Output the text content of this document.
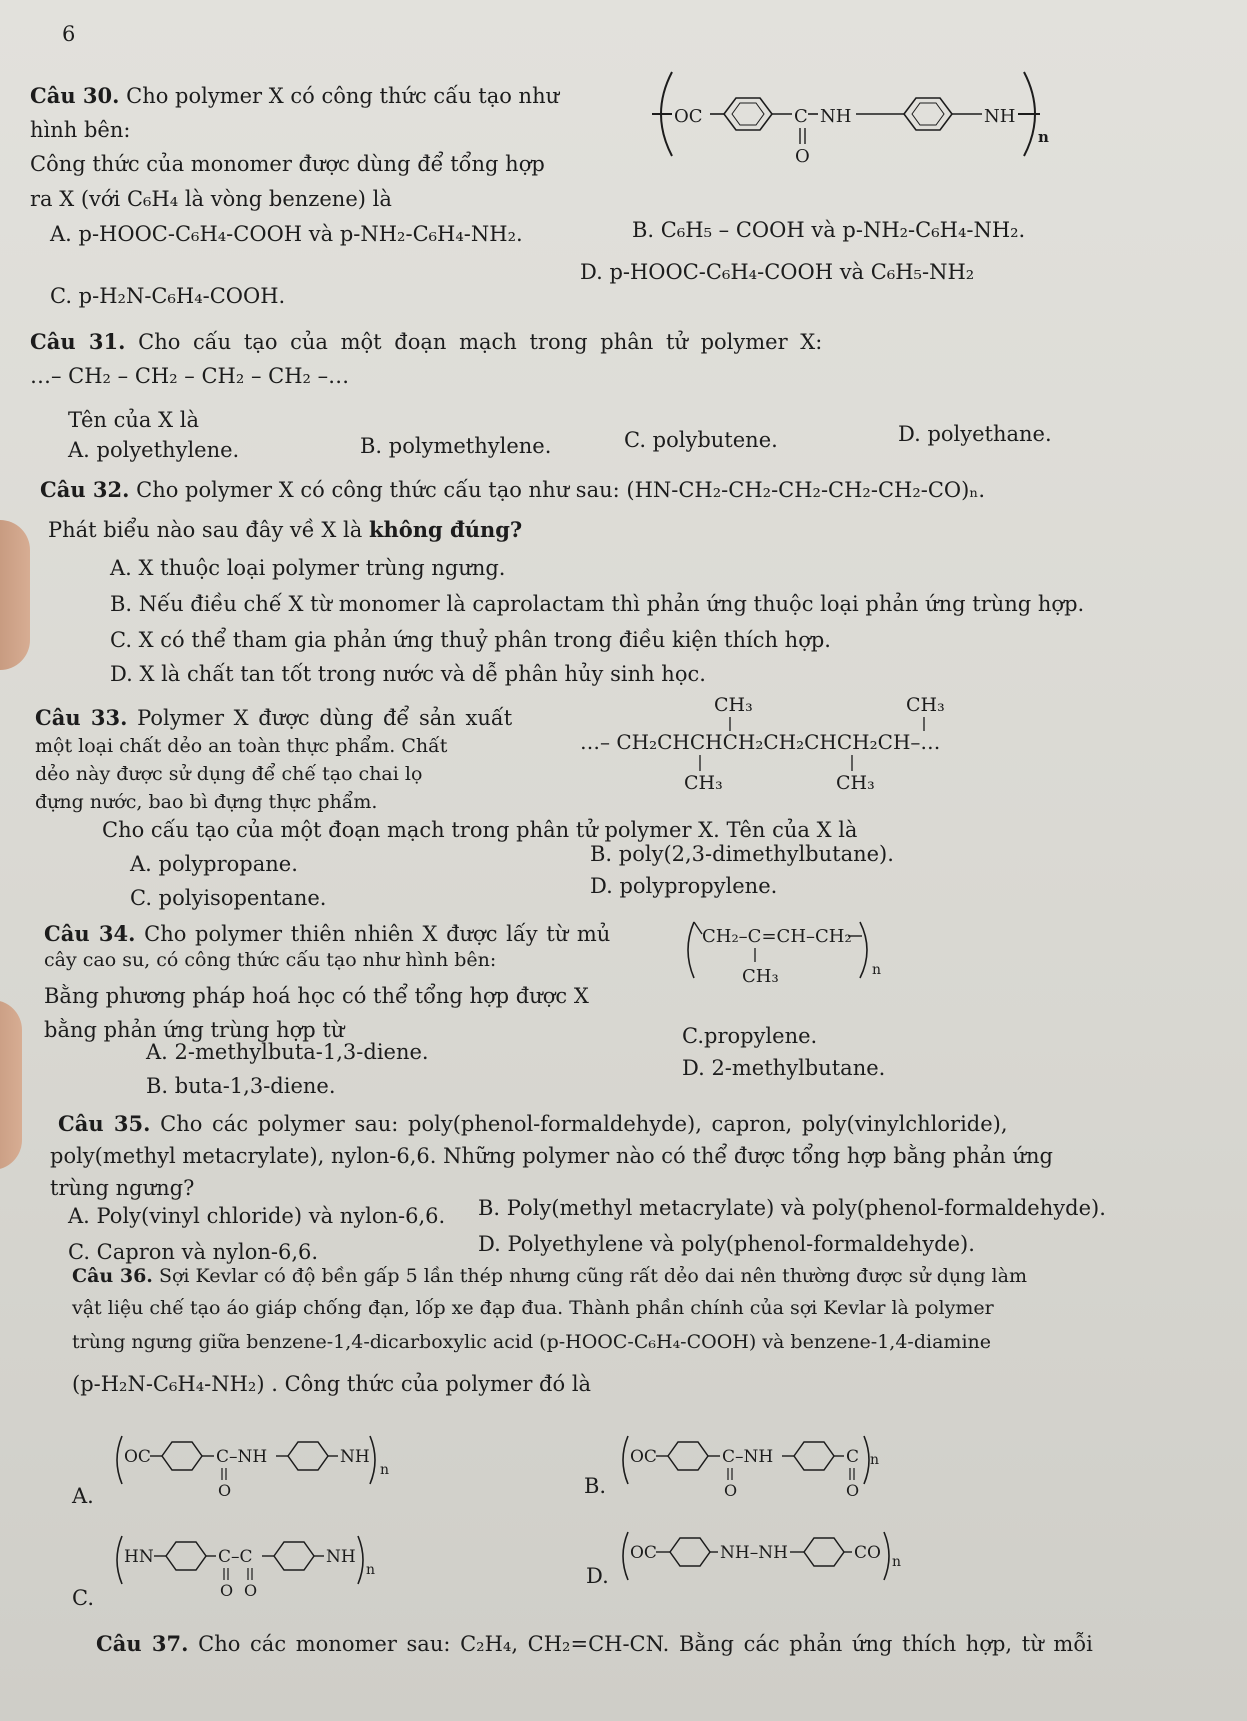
6
Câu 30. Cho polymer X có công thức cấu tạo như
hình bên:
Công thức của monomer được dùng để tổng hợp
ra X (với C₆H₄ là vòng benzene) là
OC	C
O
NH	NH
n
A. p-HOOC-C₆H₄-COOH và p-NH₂-C₆H₄-NH₂.	B. C₆H₅ – COOH và p-NH₂-C₆H₄-NH₂.
C. p-H₂N-C₆H₄-COOH.
D. p-HOOC-C₆H₄-COOH và C₆H₅-NH₂
Câu 31. Cho cấu tạo của một đoạn mạch trong phân tử polymer X:
…– CH₂ – CH₂ – CH₂ – CH₂ –…
Tên của X là
A. polyethylene.	B. polymethylene.	C. polybutene.	D. polyethane.
Câu 32. Cho polymer X có công thức cấu tạo như sau: (HN-CH₂-CH₂-CH₂-CH₂-CH₂-CO)ₙ.
Phát biểu nào sau đây về X là không đúng?
A. X thuộc loại polymer trùng ngưng.
B. Nếu điều chế X từ monomer là caprolactam thì phản ứng thuộc loại phản ứng trùng hợp.
C. X có thể tham gia phản ứng thuỷ phân trong điều kiện thích hợp.
D. X là chất tan tốt trong nước và dễ phân hủy sinh học.
Câu 33. Polymer X được dùng để sản xuất
một loại chất dẻo an toàn thực phẩm. Chất
dẻo này được sử dụng để chế tạo chai lọ
đựng nước, bao bì đựng thực phẩm.
…– CH₂CHCHCH₂CH₂CHCH₂CH–…
CH₃
CH₃	CH₃
CH₃
Cho cấu tạo của một đoạn mạch trong phân tử polymer X. Tên của X là
A. polypropane.	B. poly(2,3-dimethylbutane).
C. polyisopentane.	D. polypropylene.
Câu 34. Cho polymer thiên nhiên X được lấy từ mủ
cây cao su, có công thức cấu tạo như hình bên:
Bằng phương pháp hoá học có thể tổng hợp được X
bằng phản ứng trùng hợp từ
CH₂–C=CH–CH₂
CH₃	n
C.propylene.
A. 2-methylbuta-1,3-diene.
D. 2-methylbutane.
B. buta-1,3-diene.
Câu 35. Cho các polymer sau: poly(phenol-formaldehyde), capron, poly(vinylchloride),
poly(methyl metacrylate), nylon-6,6. Những polymer nào có thể được tổng hợp bằng phản ứng
trùng ngưng?
A. Poly(vinyl chloride) và nylon-6,6. B. Poly(methyl metacrylate) và poly(phenol-formaldehyde).
C. Capron và nylon-6,6.	D. Polyethylene và poly(phenol-formaldehyde).
Câu 36. Sợi Kevlar có độ bền gấp 5 lần thép nhưng cũng rất dẻo dai nên thường được sử dụng làm
vật liệu chế tạo áo giáp chống đạn, lốp xe đạp đua. Thành phần chính của sợi Kevlar là polymer
trùng ngưng giữa benzene-1,4-dicarboxylic acid (p-HOOC-C₆H₄-COOH) và benzene-1,4-diamine
(p-H₂N-C₆H₄-NH₂) . Công thức của polymer đó là
A.
OC	C–NH
O
NH
n
B.
OC	C–NH
O
C
O
n
C.
HN	C–C
O O
NH
n	D.
OC	NH–NH	CO n
Câu 37. Cho các monomer sau: C₂H₄, CH₂=CH-CN. Bằng các phản ứng thích hợp, từ mỗi
